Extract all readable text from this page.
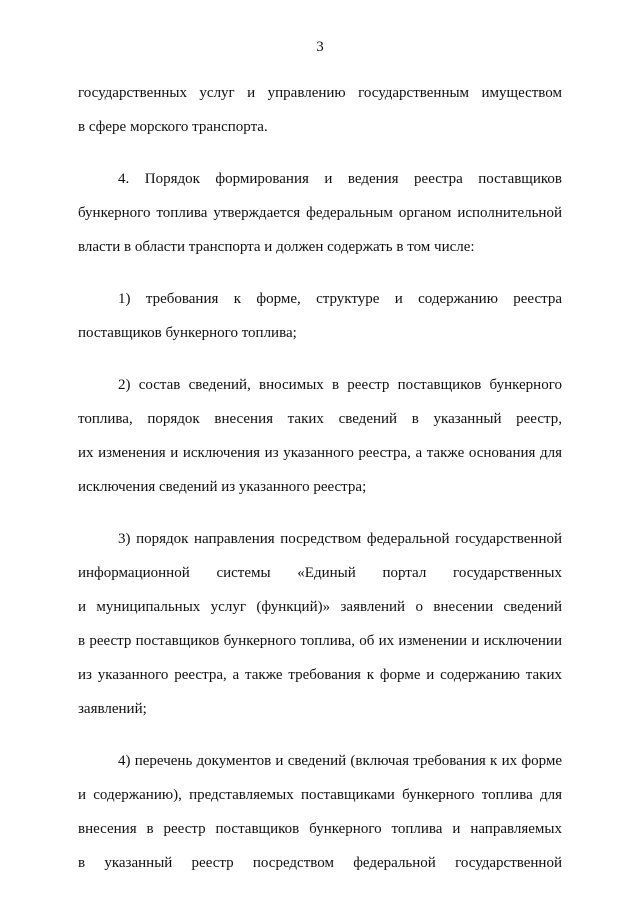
3
государственных услуг и управлению государственным имуществом
в сфере морского транспорта.
4. Порядок формирования и ведения реестра поставщиков
бункерного топлива утверждается федеральным органом исполнительной
власти в области транспорта и должен содержать в том числе:
1) требования к форме, структуре и содержанию реестра
поставщиков бункерного топлива;
2) состав сведений, вносимых в реестр поставщиков бункерного
топлива, порядок внесения таких сведений в указанный реестр,
их изменения и исключения из указанного реестра, а также основания для
исключения сведений из указанного реестра;
3) порядок направления посредством федеральной государственной
информационной системы «Единый портал государственных
и муниципальных услуг (функций)» заявлений о внесении сведений
в реестр поставщиков бункерного топлива, об их изменении и исключении
из указанного реестра, а также требования к форме и содержанию таких
заявлений;
4) перечень документов и сведений (включая требования к их форме
и содержанию), представляемых поставщиками бункерного топлива для
внесения в реестр поставщиков бункерного топлива и направляемых
в указанный реестр посредством федеральной государственной
